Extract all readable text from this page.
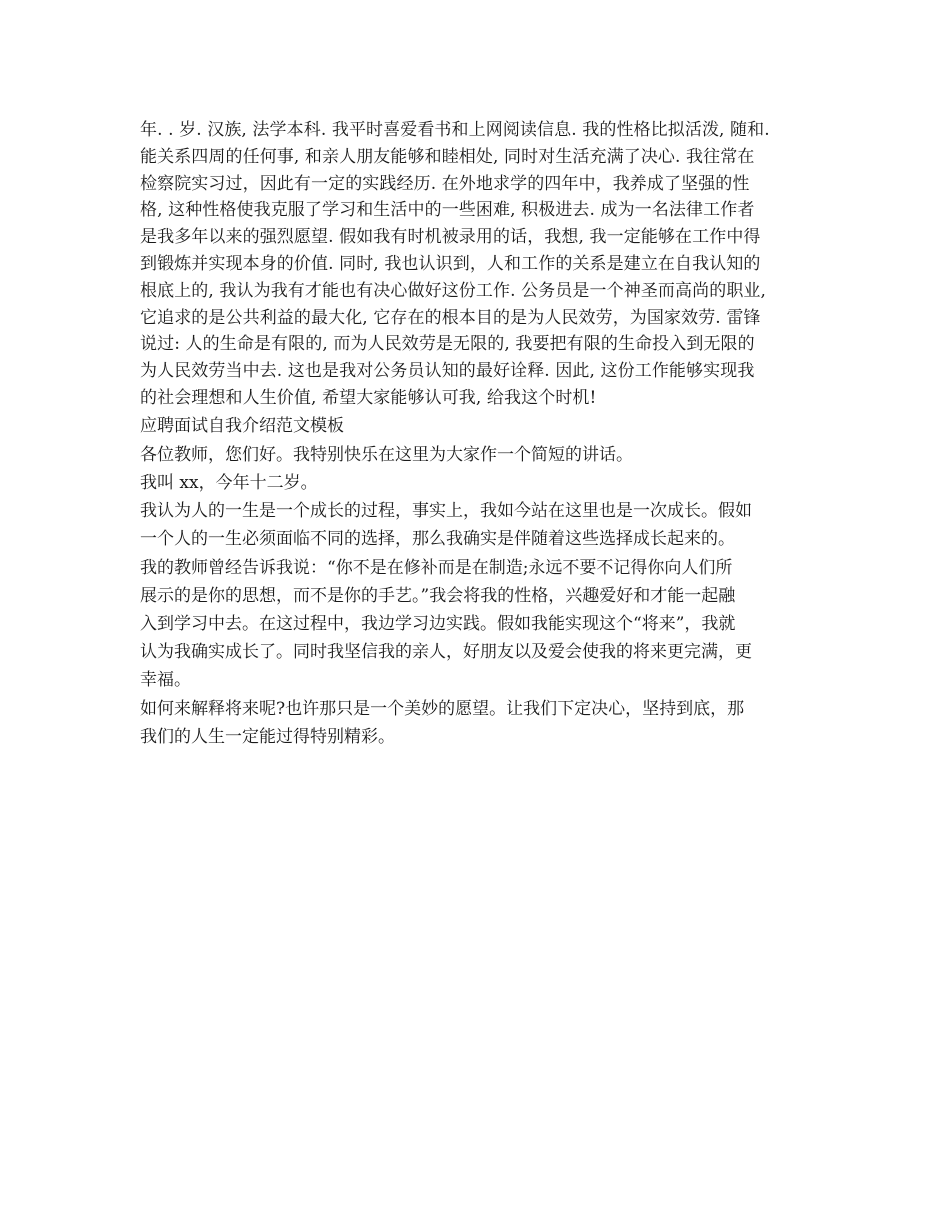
年. . 岁. 汉族, 法学本科. 我平时喜爱看书和上网阅读信息. 我的性格比拟活泼, 随和.
能关系四周的任何事, 和亲人朋友能够和睦相处, 同时对生活充满了决心. 我往常在
检察院实习过，因此有一定的实践经历. 在外地求学的四年中，我养成了坚强的性
格, 这种性格使我克服了学习和生活中的一些困难, 积极进去. 成为一名法律工作者
是我多年以来的强烈愿望. 假如我有时机被录用的话，我想, 我一定能够在工作中得
到锻炼并实现本身的价值. 同时, 我也认识到，人和工作的关系是建立在自我认知的
根底上的, 我认为我有才能也有决心做好这份工作. 公务员是一个神圣而高尚的职业,
它追求的是公共利益的最大化, 它存在的根本目的是为人民效劳，为国家效劳. 雷锋
说过: 人的生命是有限的, 而为人民效劳是无限的, 我要把有限的生命投入到无限的
为人民效劳当中去. 这也是我对公务员认知的最好诠释. 因此, 这份工作能够实现我
的社会理想和人生价值, 希望大家能够认可我, 给我这个时机!

应聘面试自我介绍范文模板

各位教师，您们好。我特别快乐在这里为大家作一个简短的讲话。

我叫 xx，今年十二岁。

我认为人的一生是一个成长的过程，事实上，我如今站在这里也是一次成长。假如
一个人的一生必须面临不同的选择，那么我确实是伴随着这些选择成长起来的。

我的教师曾经告诉我说：“你不是在修补而是在制造;永远不要不记得你向人们所
展示的是你的思想，而不是你的手艺。”我会将我的性格，兴趣爱好和才能一起融
入到学习中去。在这过程中，我边学习边实践。假如我能实现这个“将来”，我就
认为我确实成长了。同时我坚信我的亲人，好朋友以及爱会使我的将来更完满，更
幸福。

如何来解释将来呢?也许那只是一个美妙的愿望。让我们下定决心，坚持到底，那
我们的人生一定能过得特别精彩。
